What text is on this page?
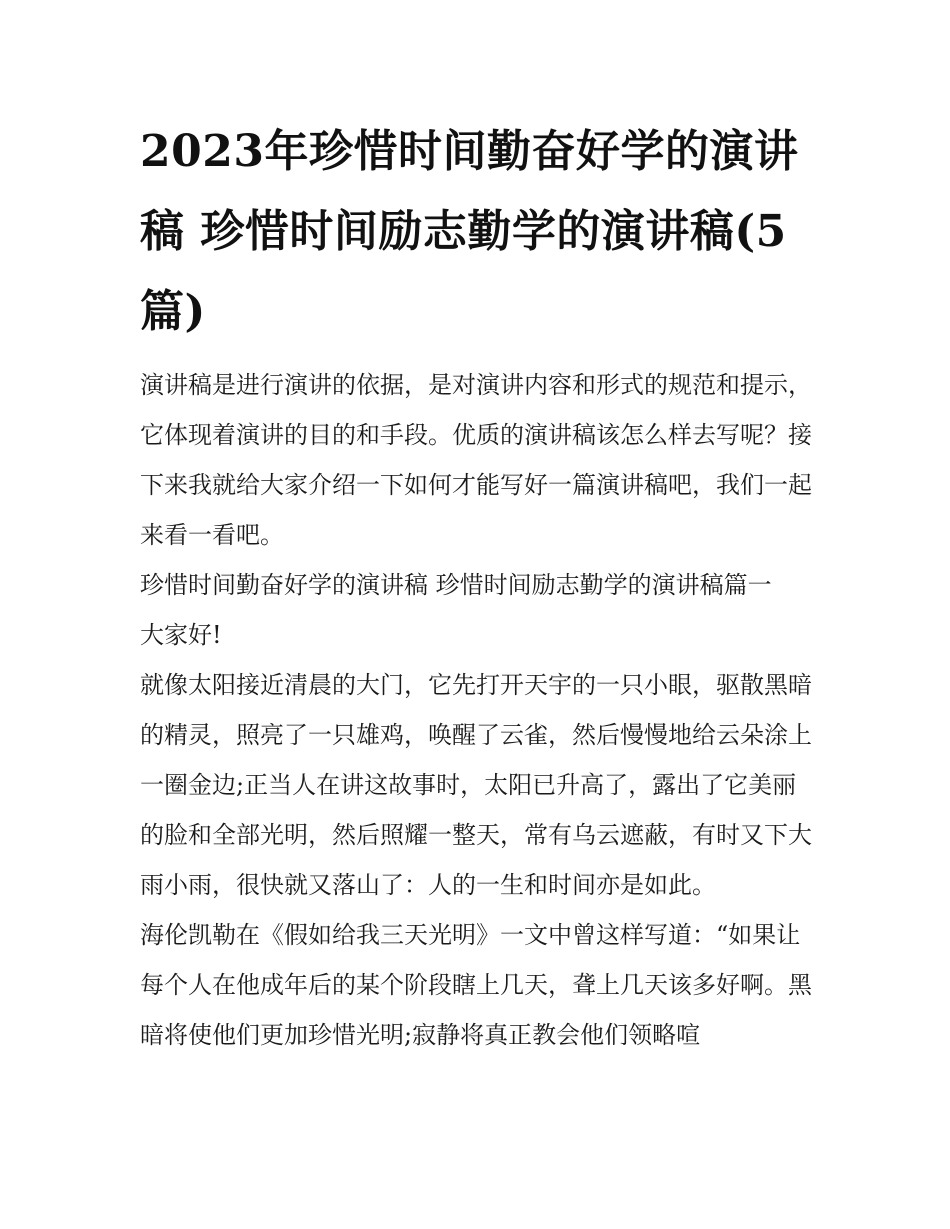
2023年珍惜时间勤奋好学的演讲稿 珍惜时间励志勤学的演讲稿(5篇)

演讲稿是进行演讲的依据，是对演讲内容和形式的规范和提示，它体现着演讲的目的和手段。优质的演讲稿该怎么样去写呢？接下来我就给大家介绍一下如何才能写好一篇演讲稿吧，我们一起来看一看吧。

珍惜时间勤奋好学的演讲稿 珍惜时间励志勤学的演讲稿篇一

大家好!

就像太阳接近清晨的大门，它先打开天宇的一只小眼，驱散黑暗的精灵，照亮了一只雄鸡，唤醒了云雀，然后慢慢地给云朵涂上一圈金边;正当人在讲这故事时，太阳已升高了，露出了它美丽的脸和全部光明，然后照耀一整天，常有乌云遮蔽，有时又下大雨小雨，很快就又落山了：人的一生和时间亦是如此。

海伦凯勒在《假如给我三天光明》一文中曾这样写道：“如果让每个人在他成年后的某个阶段瞎上几天，聋上几天该多好啊。黑暗将使他们更加珍惜光明;寂静将真正教会他们领略喧
